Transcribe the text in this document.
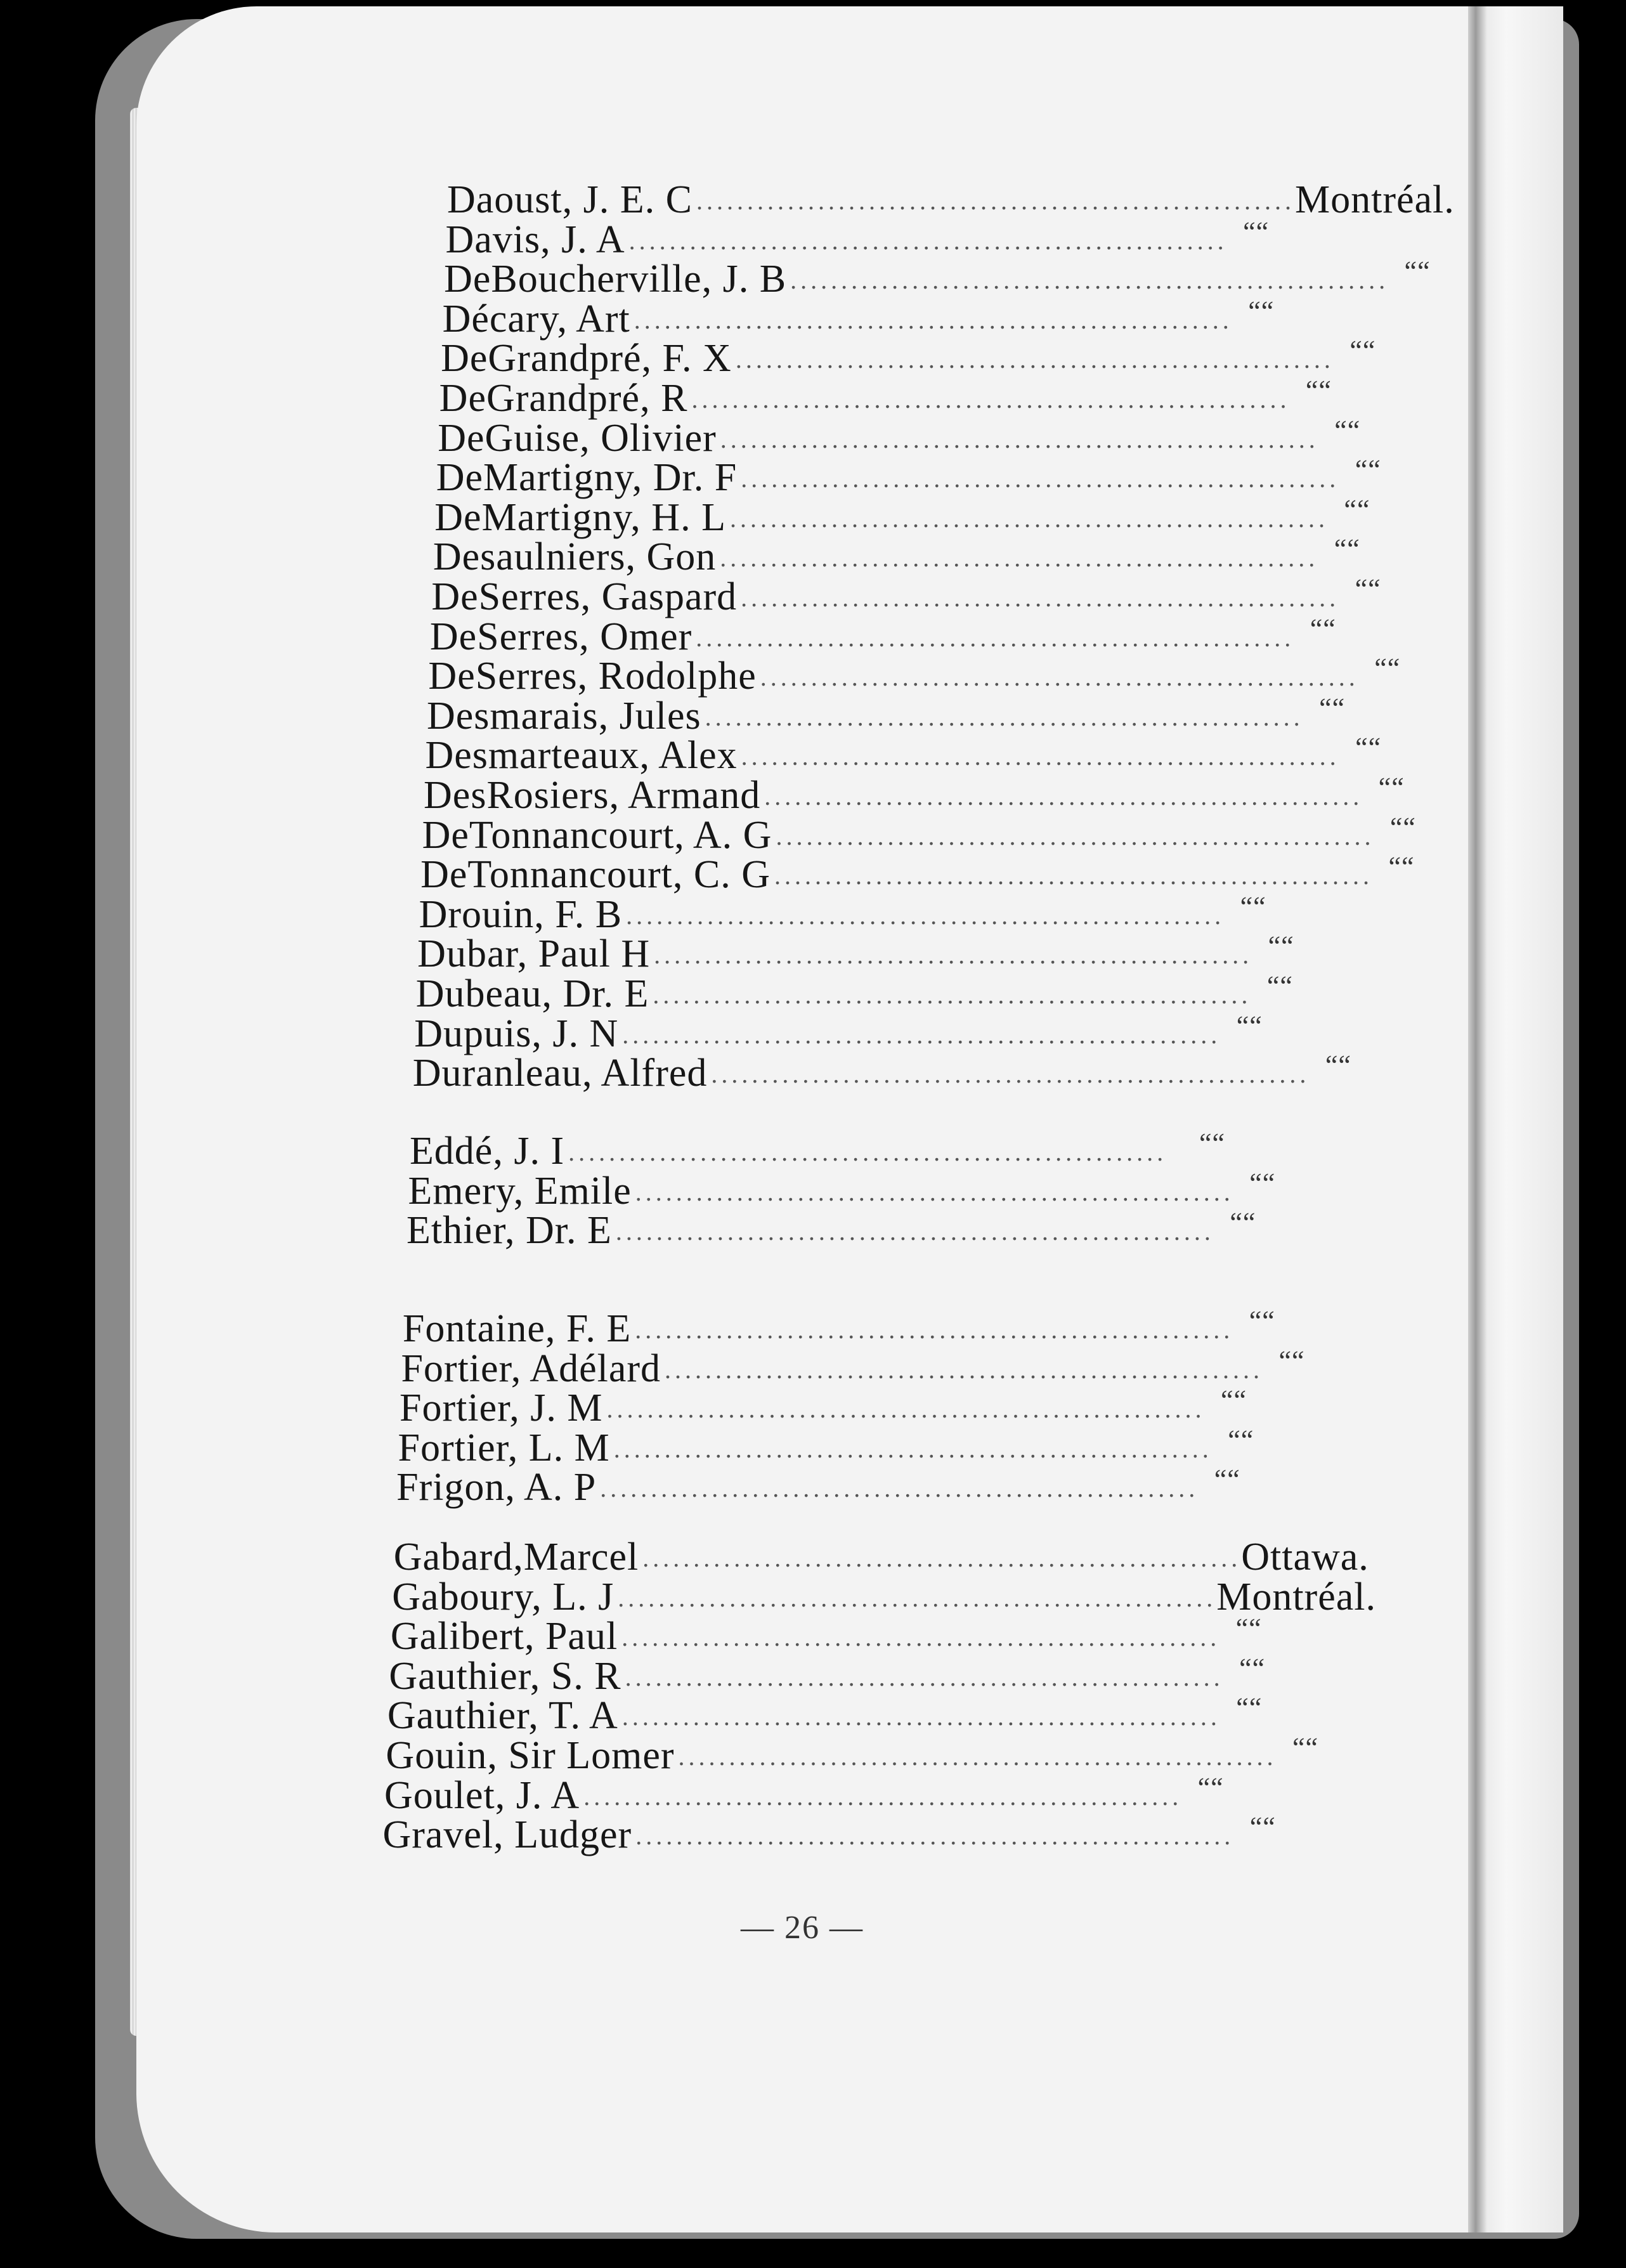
Daoust, J. E. C ........................................................... Montréal.
Davis, J. A ........................................................... ““
DeBoucherville, J. B ........................................................... ““
Décary, Art ........................................................... ““
DeGrandpré, F. X ........................................................... ““
DeGrandpré, R ........................................................... ““
DeGuise, Olivier ........................................................... ““
DeMartigny, Dr. F ........................................................... ““
DeMartigny, H. L ........................................................... ““
Desaulniers, Gon ........................................................... ““
DeSerres, Gaspard ........................................................... ““
DeSerres, Omer ........................................................... ““
DeSerres, Rodolphe ........................................................... ““
Desmarais, Jules ........................................................... ““
Desmarteaux, Alex ........................................................... ““
DesRosiers, Armand ........................................................... ““
DeTonnancourt, A. G ........................................................... ““
DeTonnancourt, C. G ........................................................... ““
Drouin, F. B ........................................................... ““
Dubar, Paul H ........................................................... ““
Dubeau, Dr. E ........................................................... ““
Dupuis, J. N ........................................................... ““
Duranleau, Alfred ........................................................... ““
Eddé, J. I ...........................................................	““
Emery, Emile ........................................................... ““
Ethier, Dr. E ........................................................... ““
Fontaine, F. E ........................................................... ““
Fortier, Adélard ........................................................... ““
Fortier, J. M ........................................................... ““
Fortier, L. M ........................................................... ““
Frigon, A. P ........................................................... ““
Gabard,Marcel ........................................................... Ottawa.
Gaboury, L. J ........................................................... Montréal.
Galibert, Paul ........................................................... ““
Gauthier, S. R ........................................................... ““
Gauthier, T. A ........................................................... ““
Gouin, Sir Lomer ........................................................... ““
Goulet, J. A ........................................................... ““
Gravel, Ludger ........................................................... ““
— 26 —
